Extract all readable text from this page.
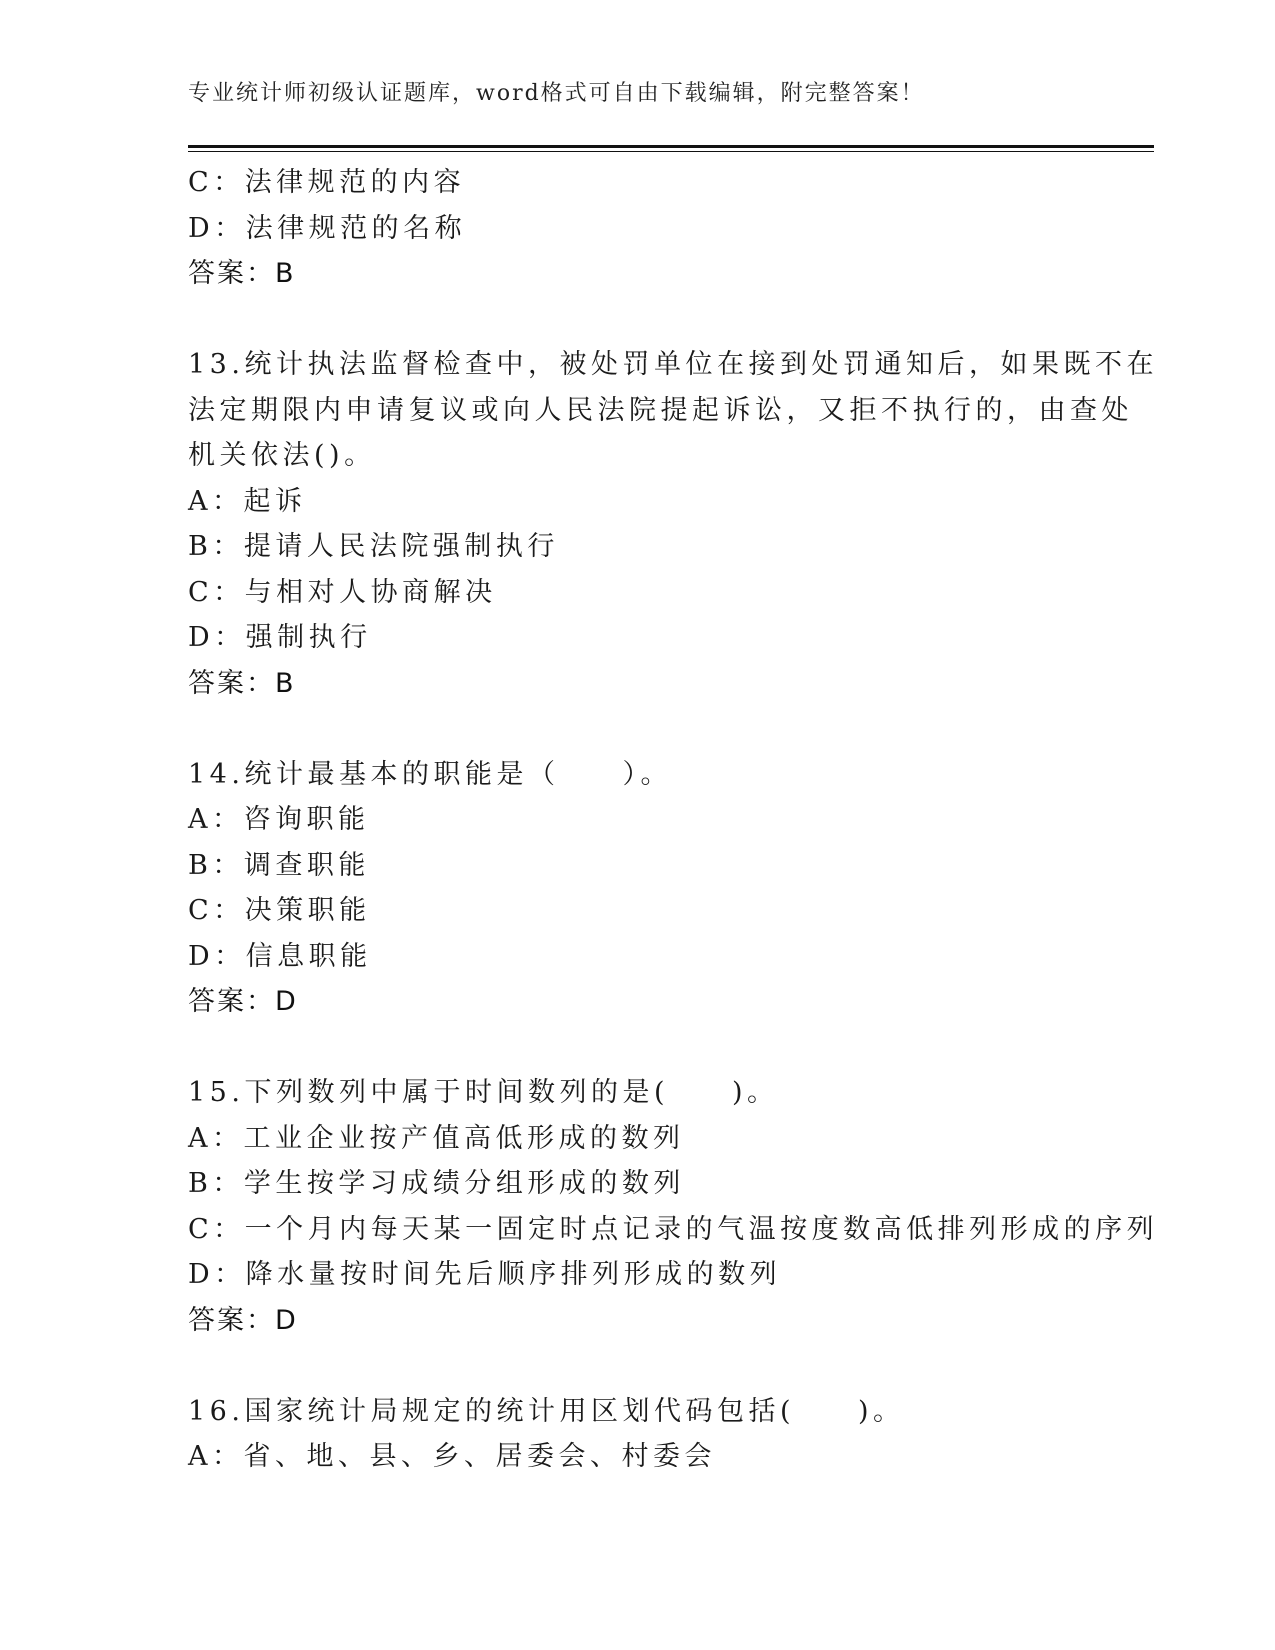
专业统计师初级认证题库，word格式可自由下载编辑，附完整答案！
C：法律规范的内容
D：法律规范的名称
答案：B
13.统计执法监督检查中，被处罚单位在接到处罚通知后，如果既不在
法定期限内申请复议或向人民法院提起诉讼，又拒不执行的，由查处
机关依法()。
A：起诉
B：提请人民法院强制执行
C：与相对人协商解决
D：强制执行
答案：B
14.统计最基本的职能是（　　）。
A：咨询职能
B：调查职能
C：决策职能
D：信息职能
答案：D
15.下列数列中属于时间数列的是(　　)。
A：工业企业按产值高低形成的数列
B：学生按学习成绩分组形成的数列
C：一个月内每天某一固定时点记录的气温按度数高低排列形成的序列
D：降水量按时间先后顺序排列形成的数列
答案：D
16.国家统计局规定的统计用区划代码包括(　　)。
A：省、地、县、乡、居委会、村委会
